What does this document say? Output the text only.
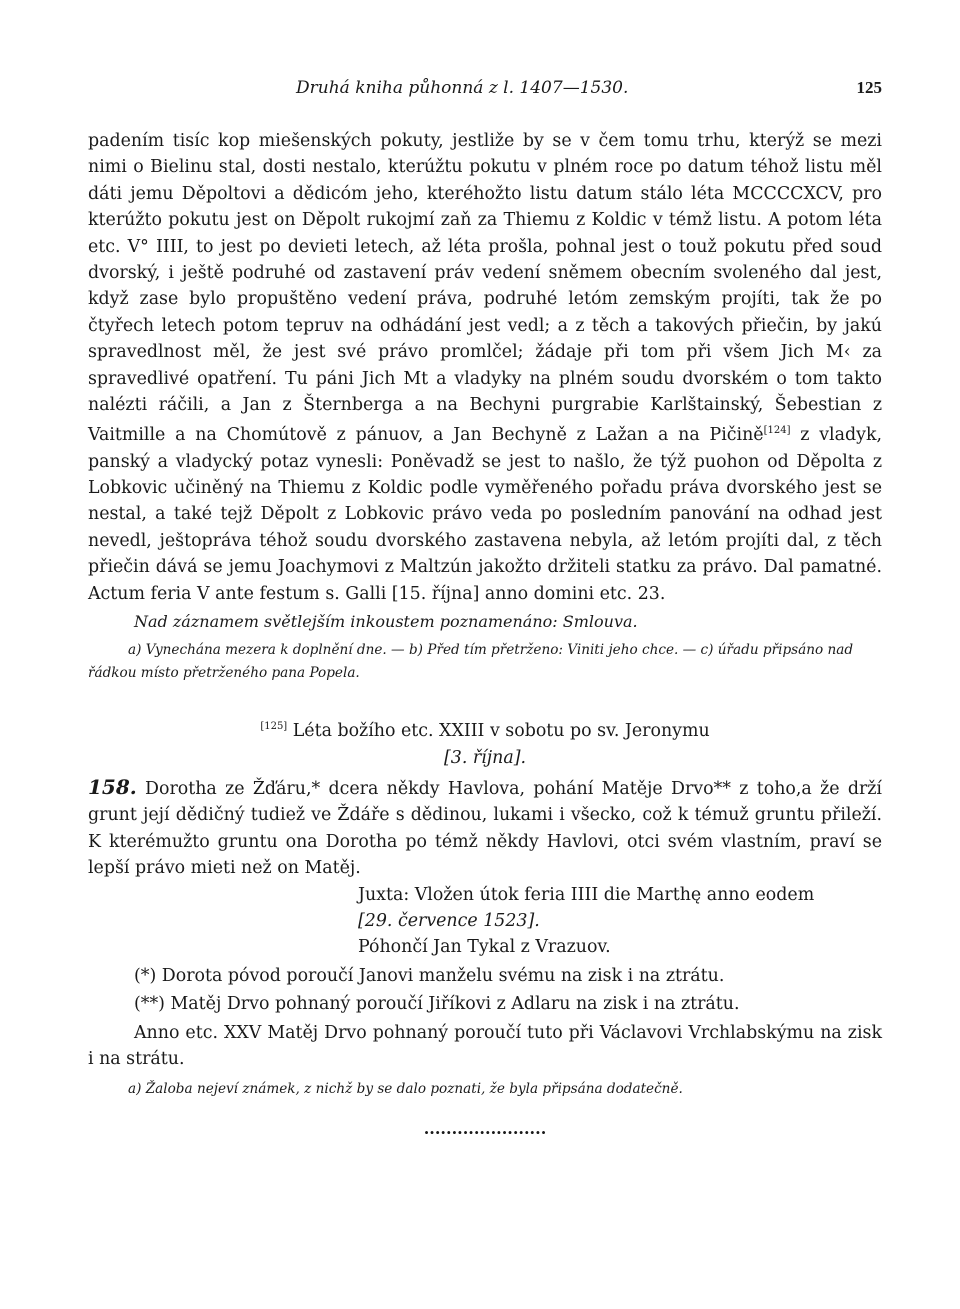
Druhá kniha půhonná z l. 1407—1530.	125

padením tisíc kop miešenských pokuty, jestliže by se v čem tomu trhu, kterýž se mezi nimi o Bielinu stal, dosti nestalo, kterúžtu pokutu v plném roce po datum téhož listu měl dáti jemu Děpoltovi a dědicóm jeho, kteréhožto listu datum stálo léta MCCCCXCV, pro kterúžto pokutu jest on Děpolt rukojmí zaň za Thiemu z Koldic v témž listu. A potom léta etc. V° IIII, to jest po devieti letech, až léta prošla, pohnal jest o touž pokutu před soud dvorský, i ještě podruhé od zastavení práv vedení sněmem obecním svoleného dal jest, když zase bylo propuštěno vedení práva, podruhé letóm zemským projíti, tak že po čtyřech letech potom tepruv na odhádání jest vedl; a z těch a takových přiečin, by jakú spravedlnost měl, že jest své právo promlčel; žádaje při tom při všem Jich M‹ za spravedlivé opatření. Tu páni Jich Mt a vladyky na plném soudu dvorském o tom takto nalézti ráčili, a Jan z Šternberga a na Bechyni purgrabie Karlštainský, Šebestian z Vaitmille a na Chomútově z pánuov, a Jan Bechyně z Lažan a na Pičině[124] z vladyk, panský a vladycký potaz vynesli: Poněvadž se jest to našlo, že týž puohon od Děpolta z Lobkovic učiněný na Thiemu z Koldic podle vyměřeného pořadu práva dvorského jest se nestal, a také tejž Děpolt z Lobkovic právo veda po posledním panování na odhad jest nevedl, ještoprávа téhož soudu dvorského zastavena nebyla, až letóm projíti dal, z těch přiečin dává se jemu Joachymovi z Maltzún jakožto držiteli statku za právo. Dal pamatné. Actum feria V ante festum s. Galli [15. října] anno domini etc. 23.

Nad záznamem světlejším inkoustem poznamenáno: Smlouva.
a) Vynechána mezera k doplnění dne. — b) Před tím přetrženo: Viniti jeho chce. — c) úřadu připsáno nad řádkou místo přetrženého pana Popela.
[125] Léta božího etc. XXIII v sobotu po sv. Jeronymu
[3. října].
158. Dorotha ze Žďáru,* dcera někdy Havlova, pohání Matěje Drvo** z toho,a že drží grunt její dědičný tudiež ve Ždáře s dědinou, lukami i všecko, což k témuž gruntu přileží. K kterémužto gruntu ona Dorotha po témž někdy Havlovi, otci svém vlastním, praví se lepší právo mieti než on Matěj.
Juxta: Vložen útok feria IIII die Marthę anno eodem
[29. července 1523].
Póhončí Jan Tykal z Vrazuov.
(*) Dorota póvod poroučí Janovi manželu svému na zisk i na ztrátu.
(**) Matěj Drvo pohnaný poroučí Jiříkovi z Adlaru na zisk i na ztrátu.
Anno etc. XXV Matěj Drvo pohnaný poroučí tuto při Václavovi Vrchlabskýmu na zisk i na strátu.
a) Žaloba nejeví známek, z nichž by se dalo poznati, že byla připsána dodatečně.
......................
